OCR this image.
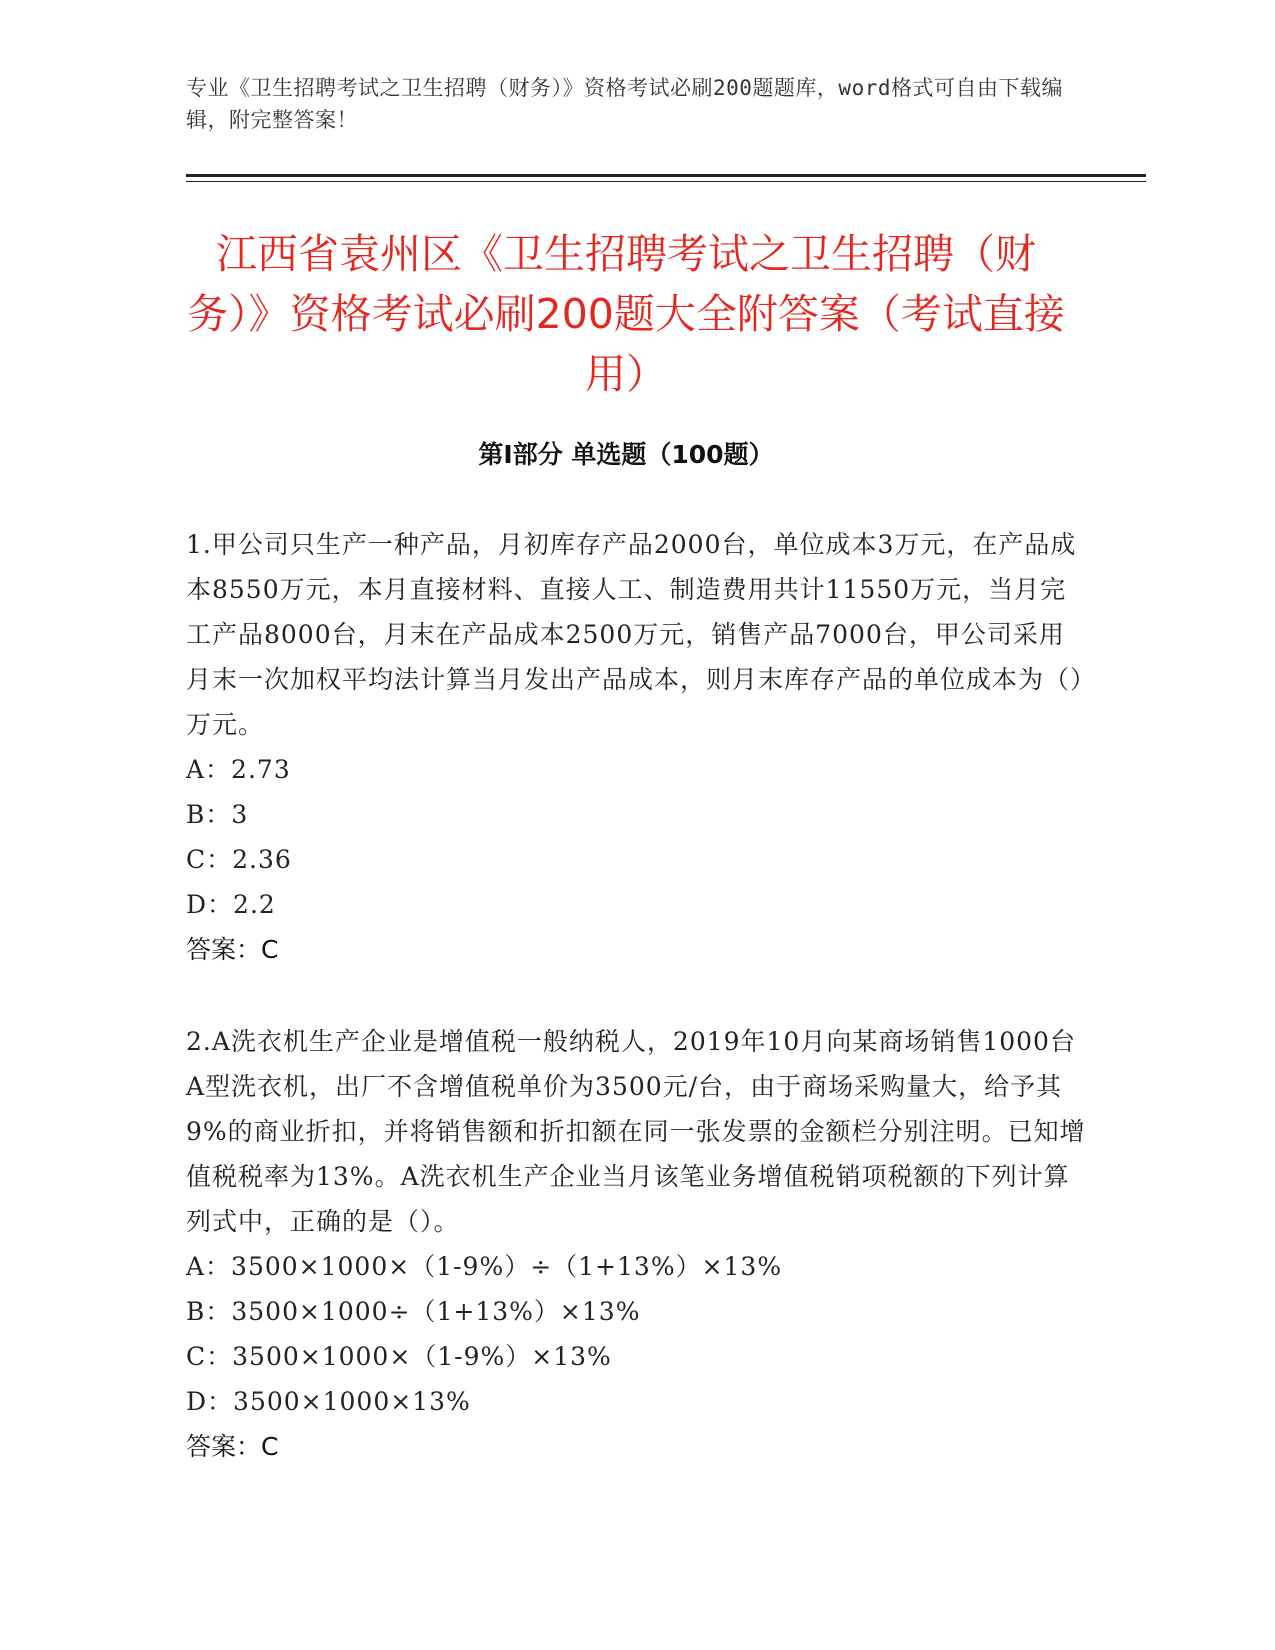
专业《卫生招聘考试之卫生招聘（财务）》资格考试必刷200题题库，word格式可自由下载编辑，附完整答案！
江西省袁州区《卫生招聘考试之卫生招聘（财务）》资格考试必刷200题大全附答案（考试直接用）
第Ⅰ部分 单选题（100题）
1.甲公司只生产一种产品，月初库存产品2000台，单位成本3万元，在产品成本8550万元，本月直接材料、直接人工、制造费用共计11550万元，当月完工产品8000台，月末在产品成本2500万元，销售产品7000台，甲公司采用月末一次加权平均法计算当月发出产品成本，则月末库存产品的单位成本为（）万元。
A：2.73
B：3
C：2.36
D：2.2
答案：C
2.A洗衣机生产企业是增值税一般纳税人，2019年10月向某商场销售1000台A型洗衣机，出厂不含增值税单价为3500元/台，由于商场采购量大，给予其9%的商业折扣，并将销售额和折扣额在同一张发票的金额栏分别注明。已知增值税税率为13%。A洗衣机生产企业当月该笔业务增值税销项税额的下列计算列式中，正确的是（）。
A：3500×1000×（1-9%）÷（1+13%）×13%
B：3500×1000÷（1+13%）×13%
C：3500×1000×（1-9%）×13%
D：3500×1000×13%
答案：C
